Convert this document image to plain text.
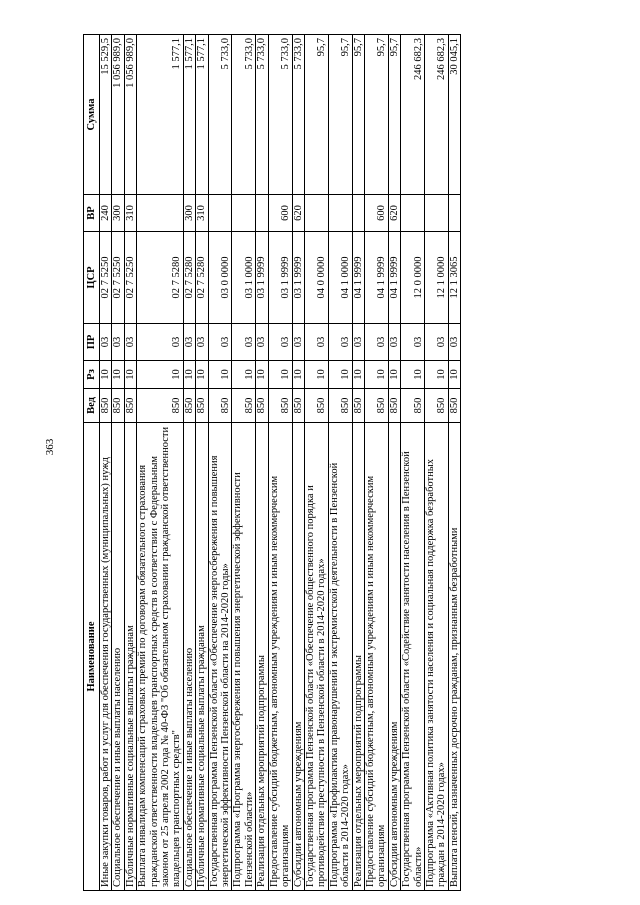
363
Наименование	Вед	Рз	ПР	ЦСР	ВР	Сумма
Иные закупки товаров, работ и услуг для обеспечения государственных (муниципальных) нужд	850	10	03	02 7 5250	240	15 529,5
Социальное обеспечение и иные выплаты населению	850	10	03	02 7 5250	300	1 056 989,0
Публичные нормативные социальные выплаты гражданам	850	10	03	02 7 5250	310	1 056 989,0
Выплата инвалидам компенсаций страховых премий по договорам обязательного страхования гражданской ответственности владельцев транспортных средств в соответствии с Федеральным законом от 25 апреля 2002 года № 40-ФЗ "Об обязательном страховании гражданской ответственности владельцев транспортных средств"	850	10	03	02 7 5280		1 577,1
Социальное обеспечение и иные выплаты населению	850	10	03	02 7 5280	300	1 577,1
Публичные нормативные социальные выплаты гражданам	850	10	03	02 7 5280	310	1 577,1
Государственная программа Пензенской области «Обеспечение энергосбережения и повышения энергетической эффективности Пензенской области на 2014-2020 годы»	850	10	03	03 0 0000		5 733,0
Подпрограмма «Программа энергосбережения и повышения энергетической эффективности Пензенской области»	850	10	03	03 1 0000		5 733,0
Реализация отдельных мероприятий подпрограммы	850	10	03	03 1 9999		5 733,0
Предоставление субсидий бюджетным, автономным учреждениям и иным некоммерческим организациям	850	10	03	03 1 9999	600	5 733,0
Субсидии автономным учреждениям	850	10	03	03 1 9999	620	5 733,0
Государственная программа Пензенской области «Обеспечение общественного порядка и противодействие преступности в Пензенской области в 2014-2020 годах»	850	10	03	04 0 0000		95,7
Подпрограмма «Профилактика правонарушений и экстремистской деятельности в Пензенской области в 2014-2020 годах»	850	10	03	04 1 0000		95,7
Реализация отдельных мероприятий подпрограммы	850	10	03	04 1 9999		95,7
Предоставление субсидий бюджетным, автономным учреждениям и иным некоммерческим организациям	850	10	03	04 1 9999	600	95,7
Субсидии автономным учреждениям	850	10	03	04 1 9999	620	95,7
Государственная программа Пензенской области «Содействие занятости населения в Пензенской области»	850	10	03	12 0 0000		246 682,3
Подпрограмма «Активная политика занятости населения и социальная поддержка безработных граждан в 2014-2020 годах»	850	10	03	12 1 0000		246 682,3
Выплата пенсий, назначенных досрочно гражданам, признанным безработными	850	10	03	12 1 3065		30 045,1
